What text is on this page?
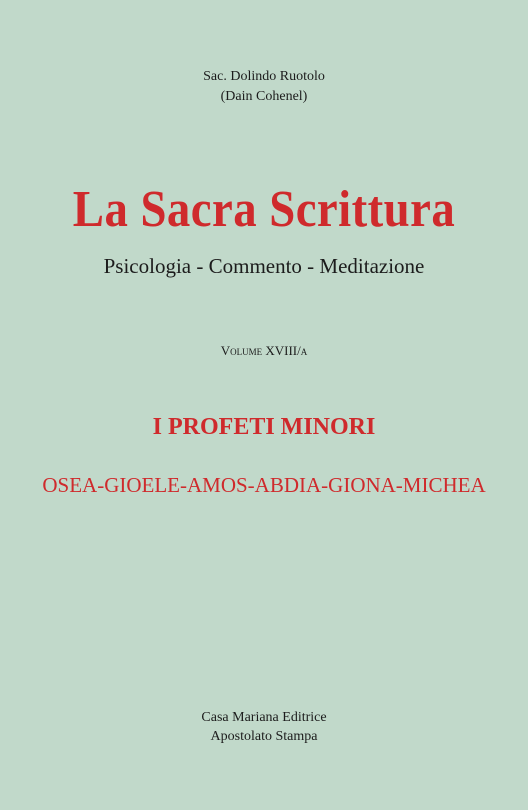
Sac. Dolindo Ruotolo
(Dain Cohenel)
La Sacra Scrittura
Psicologia - Commento - Meditazione
Volume XVIII/a
I PROFETI MINORI
OSEA-GIOELE-AMOS-ABDIA-GIONA-MICHEA
Casa Mariana Editrice
Apostolato Stampa
